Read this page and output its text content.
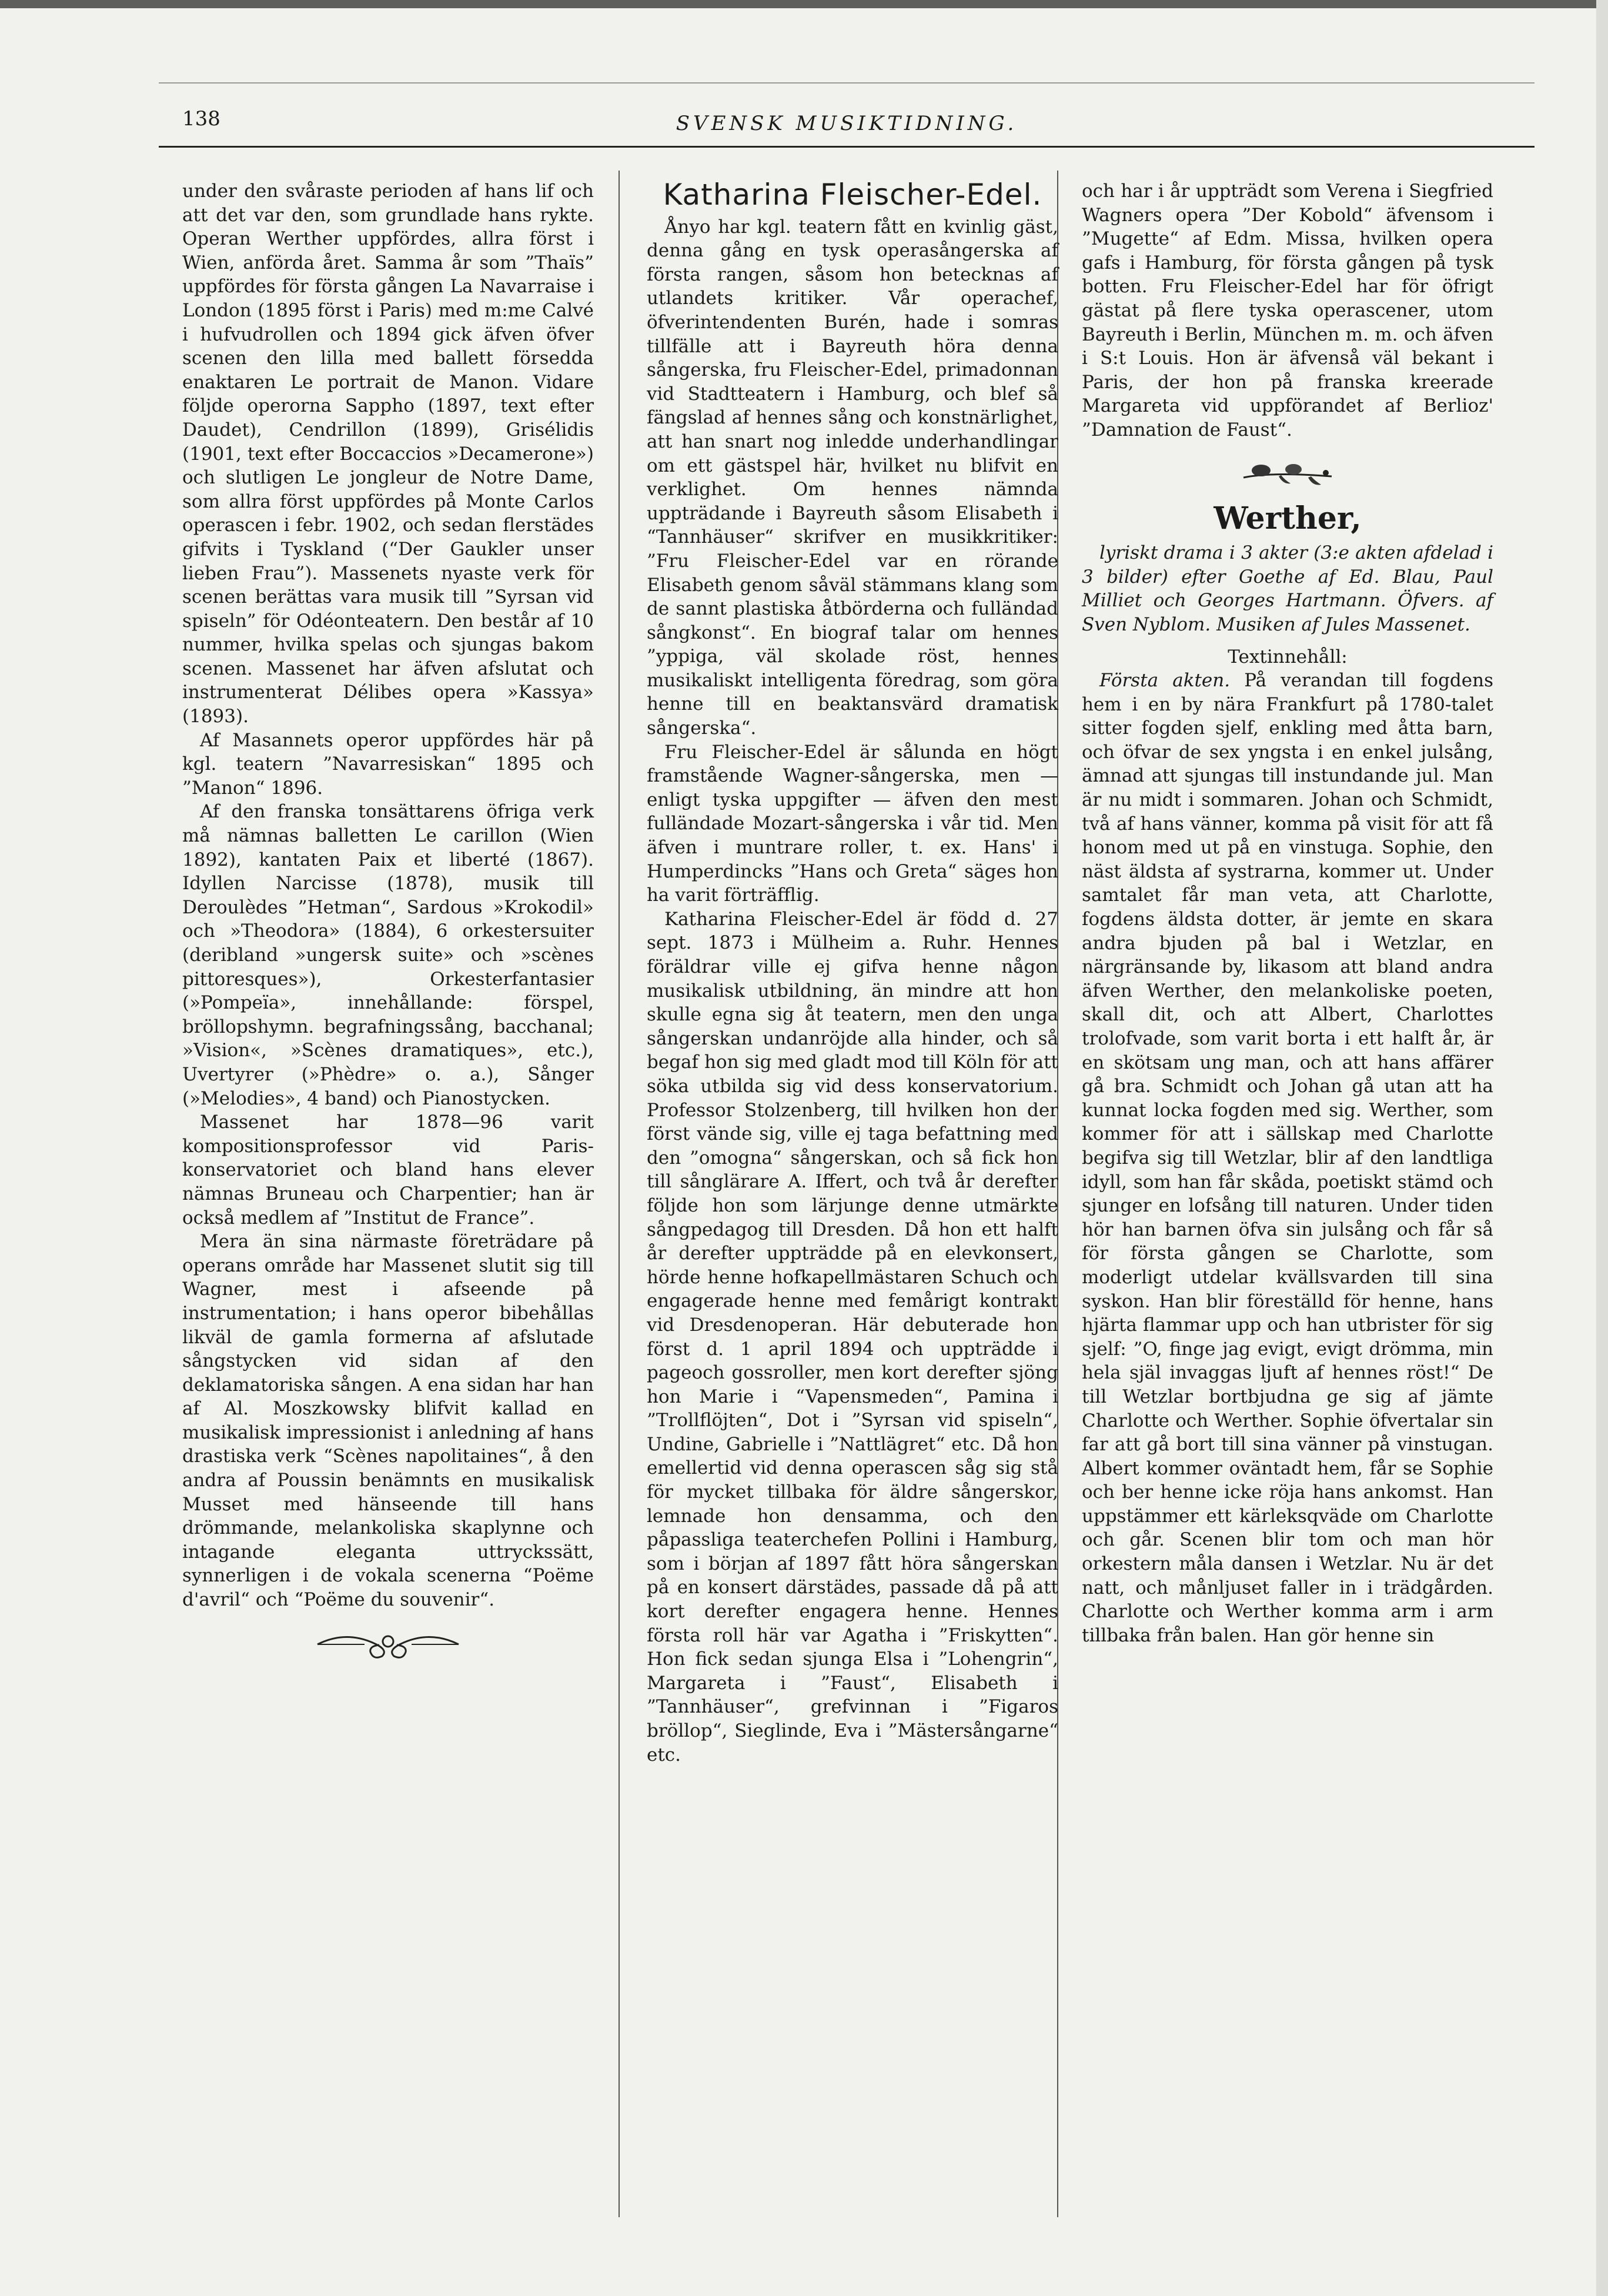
138	SVENSK MUSIKTIDNING.

under den svåraste perioden af hans lif och att det var den, som grundlade hans rykte. Operan Werther uppfördes, allra först i Wien, anförda året. Samma år som ”Thaïs” uppfördes för första gången La Navarraise i London (1895 först i Paris) med m:me Calvé i hufvudrollen och 1894 gick äfven öfver scenen den lilla med ballett försedda enaktaren Le portrait de Manon. Vidare följde operorna Sappho (1897, text efter Daudet), Cendrillon (1899), Grisélidis (1901, text efter Boccaccios »Decamerone») och slutligen Le jongleur de Notre Dame, som allra först uppfördes på Monte Carlos operascen i febr. 1902, och sedan flerstädes gifvits i Tyskland (“Der Gaukler unser lieben Frau”). Massenets nyaste verk för scenen berättas vara musik till ”Syrsan vid spiseln” för Odéonteatern. Den består af 10 nummer, hvilka spelas och sjungas bakom scenen. Massenet har äfven afslutat och instrumenterat Délibes opera »Kassya» (1893).

Af Masannets operor uppfördes här på kgl. teatern ”Navarresiskan“ 1895 och ”Manon“ 1896.

Af den franska tonsättarens öfriga verk må nämnas balletten Le carillon (Wien 1892), kantaten Paix et liberté (1867). Idyllen Narcisse (1878), musik till Deroulèdes ”Hetman“, Sardous »Krokodil» och »Theodora» (1884), 6 orkestersuiter (deribland »ungersk suite» och »scènes pittoresques»), Orkesterfantasier (»Pompeïa», innehållande: förspel, bröllopshymn. begrafningssång, bacchanal; »Vision«, »Scènes dramatiques», etc.), Uvertyrer (»Phèdre» o. a.), Sånger (»Melodies», 4 band) och Pianostycken.

Massenet har 1878—96 varit kompositionsprofessor vid Paris-konservatoriet och bland hans elever nämnas Bruneau och Charpentier; han är också medlem af ”Institut de France”.

Mera än sina närmaste företrädare på operans område har Massenet slutit sig till Wagner, mest i afseende på instrumentation; i hans operor bibehållas likväl de gamla formerna af afslutade sångstycken vid sidan af den deklamatoriska sången. A ena sidan har han af Al. Moszkowsky blifvit kallad en musikalisk impressionist i anledning af hans drastiska verk “Scènes napolitaines“, å den andra af Poussin benämnts en musikalisk Musset med hänseende till hans drömmande, melankoliska skaplynne och intagande eleganta uttryckssätt, synnerligen i de vokala scenerna “Poëme d'avril“ och “Poëme du souvenir“.

Katharina Fleischer-Edel.

Ånyo har kgl. teatern fått en kvinlig gäst, denna gång en tysk operasångerska af första rangen, såsom hon betecknas af utlandets kritiker. Vår operachef, öfverintendenten Burén, hade i somras tillfälle att i Bayreuth höra denna sångerska, fru Fleischer-Edel, primadonnan vid Stadtteatern i Hamburg, och blef så fängslad af hennes sång och konstnärlighet, att han snart nog inledde underhandlingar om ett gästspel här, hvilket nu blifvit en verklighet. Om hennes nämnda uppträdande i Bayreuth såsom Elisabeth i “Tannhäuser“ skrifver en musikkritiker: ”Fru Fleischer-Edel var en rörande Elisabeth genom såväl stämmans klang som de sannt plastiska åtbörderna och fulländad sångkonst“. En biograf talar om hennes ”yppiga, väl skolade röst, hennes musikaliskt intelligenta föredrag, som göra henne till en beaktansvärd dramatisk sångerska“.

Fru Fleischer-Edel är sålunda en högt framstående Wagner-sångerska, men — enligt tyska uppgifter — äfven den mest fulländade Mozart-sångerska i vår tid. Men äfven i muntrare roller, t. ex. Hans' i Humperdincks ”Hans och Greta“ säges hon ha varit förträfflig.

Katharina Fleischer-Edel är född d. 27 sept. 1873 i Mülheim a. Ruhr. Hennes föräldrar ville ej gifva henne någon musikalisk utbildning, än mindre att hon skulle egna sig åt teatern, men den unga sångerskan undanröjde alla hinder, och så begaf hon sig med gladt mod till Köln för att söka utbilda sig vid dess konservatorium. Professor Stolzenberg, till hvilken hon der först vände sig, ville ej taga befattning med den ”omogna“ sångerskan, och så fick hon till sånglärare A. Iffert, och två år derefter följde hon som lärjunge denne utmärkte sångpedagog till Dresden. Då hon ett halft år derefter uppträdde på en elevkonsert, hörde henne hofkapellmästaren Schuch och engagerade henne med femårigt kontrakt vid Dresdenoperan. Här debuterade hon först d. 1 april 1894 och uppträdde i pageoch gossroller, men kort derefter sjöng hon Marie i “Vapensmeden“, Pamina i ”Trollflöjten“, Dot i ”Syrsan vid spiseln“, Undine, Gabrielle i ”Nattlägret“ etc. Då hon emellertid vid denna operascen såg sig stå för mycket tillbaka för äldre sångerskor, lemnade hon densamma, och den påpassliga teaterchefen Pollini i Hamburg, som i början af 1897 fått höra sångerskan på en konsert därstädes, passade då på att kort derefter engagera henne. Hennes första roll här var Agatha i ”Friskytten“. Hon fick sedan sjunga Elsa i ”Lohengrin“, Margareta i ”Faust“, Elisabeth i ”Tannhäuser“, grefvinnan i ”Figaros bröllop“, Sieglinde, Eva i ”Mästersångarne“ etc.

och har i år uppträdt som Verena i Siegfried Wagners opera ”Der Kobold“ äfvensom i ”Mugette“ af Edm. Missa, hvilken opera gafs i Hamburg, för första gången på tysk botten. Fru Fleischer-Edel har för öfrigt gästat på flere tyska operascener, utom Bayreuth i Berlin, München m. m. och äfven i S:t Louis. Hon är äfvenså väl bekant i Paris, der hon på franska kreerade Margareta vid uppförandet af Berlioz' ”Damnation de Faust“.

Werther,

lyriskt drama i 3 akter (3:e akten afdelad i 3 bilder) efter Goethe af Ed. Blau, Paul Milliet och Georges Hartmann. Öfvers. af Sven Nyblom. Musiken af Jules Massenet.

Textinnehåll:

Första akten. På verandan till fogdens hem i en by nära Frankfurt på 1780-talet sitter fogden sjelf, enkling med åtta barn, och öfvar de sex yngsta i en enkel julsång, ämnad att sjungas till instundande jul. Man är nu midt i sommaren. Johan och Schmidt, två af hans vänner, komma på visit för att få honom med ut på en vinstuga. Sophie, den näst äldsta af systrarna, kommer ut. Under samtalet får man veta, att Charlotte, fogdens äldsta dotter, är jemte en skara andra bjuden på bal i Wetzlar, en närgränsande by, likasom att bland andra äfven Werther, den melankoliske poeten, skall dit, och att Albert, Charlottes trolofvade, som varit borta i ett halft år, är en skötsam ung man, och att hans affärer gå bra. Schmidt och Johan gå utan att ha kunnat locka fogden med sig. Werther, som kommer för att i sällskap med Charlotte begifva sig till Wetzlar, blir af den landtliga idyll, som han får skåda, poetiskt stämd och sjunger en lofsång till naturen. Under tiden hör han barnen öfva sin julsång och får så för första gången se Charlotte, som moderligt utdelar kvällsvarden till sina syskon. Han blir föreställd för henne, hans hjärta flammar upp och han utbrister för sig sjelf: ”O, finge jag evigt, evigt drömma, min hela själ invaggas ljuft af hennes röst!“ De till Wetzlar bortbjudna ge sig af jämte Charlotte och Werther. Sophie öfvertalar sin far att gå bort till sina vänner på vinstugan. Albert kommer oväntadt hem, får se Sophie och ber henne icke röja hans ankomst. Han uppstämmer ett kärleksqväde om Charlotte och går. Scenen blir tom och man hör orkestern måla dansen i Wetzlar. Nu är det natt, och månljuset faller in i trädgården. Charlotte och Werther komma arm i arm tillbaka från balen. Han gör henne sin
